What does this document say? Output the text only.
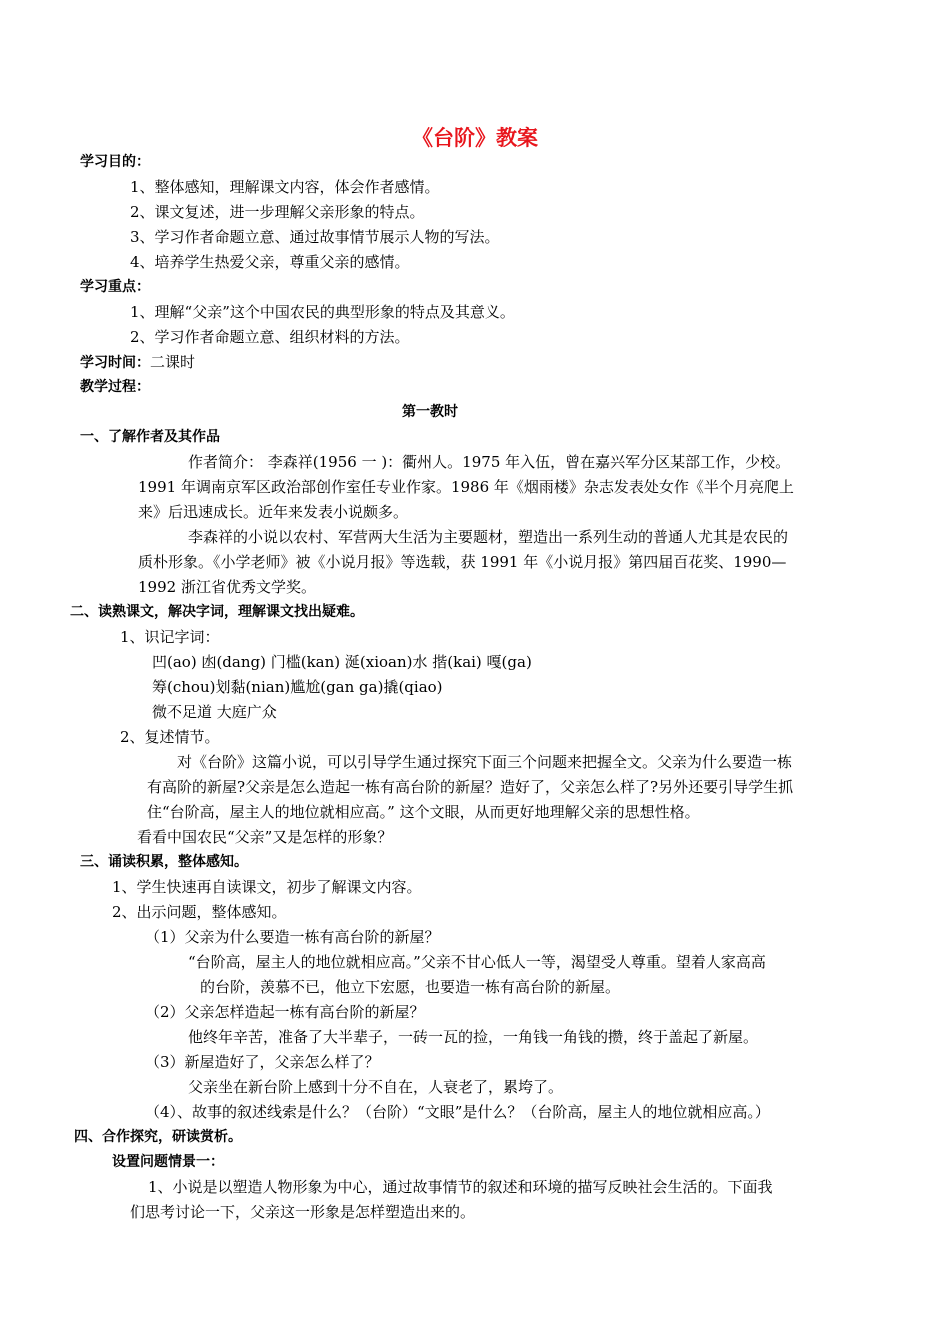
《台阶》教案
学习目的：
1、整体感知，理解课文内容，体会作者感情。
2、课文复述，进一步理解父亲形象的特点。
3、学习作者命题立意、通过故事情节展示人物的写法。
4、培养学生热爱父亲，尊重父亲的感情。
学习重点：
1、理解“父亲”这个中国农民的典型形象的特点及其意义。
2、学习作者命题立意、组织材料的方法。
学习时间：二课时
教学过程：
第一教时
一、了解作者及其作品
作者简介： 李森祥(1956 一 )：衢州人。1975 年入伍，曾在嘉兴军分区某部工作，少校。
1991 年调南京军区政治部创作室任专业作家。1986 年《烟雨楼》杂志发表处女作《半个月亮爬上
来》后迅速成长。近年来发表小说颇多。
李森祥的小说以农村、军营两大生活为主要题材，塑造出一系列生动的普通人尤其是农民的
质朴形象。《小学老师》被《小说月报》等选载，获 1991 年《小说月报》第四届百花奖、1990—
1992 浙江省优秀文学奖。
二、读熟课文，解决字词，理解课文找出疑难。
1、识记字词：
凹(ao) 凼(dang) 门槛(kan) 涎(xioan)水 揩(kai) 嘎(ga)
筹(chou)划黏(nian)尴尬(gan ga)撬(qiao)
微不足道 大庭广众
2、复述情节。
对《台阶》这篇小说，可以引导学生通过探究下面三个问题来把握全文。父亲为什么要造一栋
有高阶的新屋?父亲是怎么造起一栋有高台阶的新屋？造好了，父亲怎么样了?另外还要引导学生抓
住“台阶高，屋主人的地位就相应高。” 这个文眼，从而更好地理解父亲的思想性格。
看看中国农民“父亲”又是怎样的形象？
三、诵读积累，整体感知。
1、学生快速再自读课文，初步了解课文内容。
2、出示问题，整体感知。
（1）父亲为什么要造一栋有高台阶的新屋？
“台阶高，屋主人的地位就相应高。”父亲不甘心低人一等，渴望受人尊重。望着人家高高
的台阶，羡慕不已，他立下宏愿，也要造一栋有高台阶的新屋。
（2）父亲怎样造起一栋有高台阶的新屋？
他终年辛苦，准备了大半辈子，一砖一瓦的捡，一角钱一角钱的攒，终于盖起了新屋。
（3）新屋造好了，父亲怎么样了？
父亲坐在新台阶上感到十分不自在，人衰老了，累垮了。
（4）、故事的叙述线索是什么？（台阶）“文眼”是什么？（台阶高，屋主人的地位就相应高。）
四、合作探究，研读赏析。
设置问题情景一：
1、小说是以塑造人物形象为中心，通过故事情节的叙述和环境的描写反映社会生活的。下面我
们思考讨论一下，父亲这一形象是怎样塑造出来的。
